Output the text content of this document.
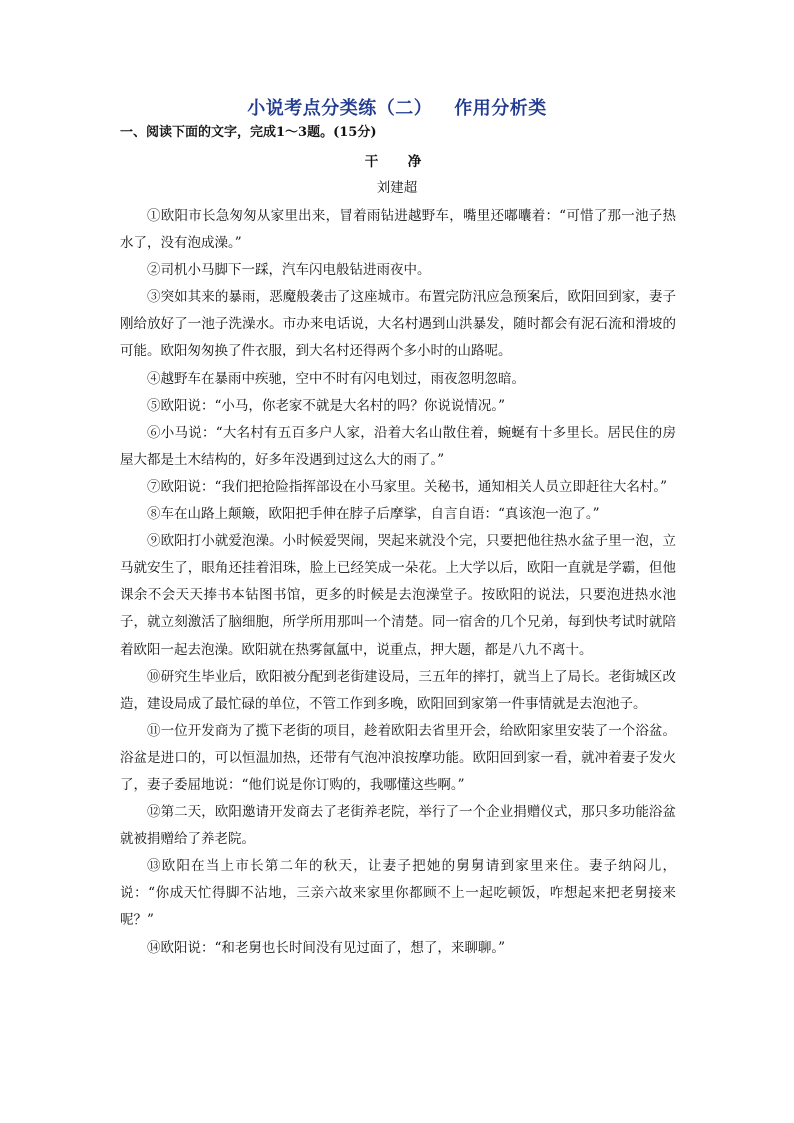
小说考点分类练（二） 作用分析类
一、阅读下面的文字，完成1～3题。(15分)
干　净
刘建超

①欧阳市长急匆匆从家里出来，冒着雨钻进越野车，嘴里还嘟囔着：“可惜了那一池子热水了，没有泡成澡。”

②司机小马脚下一踩，汽车闪电般钻进雨夜中。

③突如其来的暴雨，恶魔般袭击了这座城市。布置完防汛应急预案后，欧阳回到家，妻子刚给放好了一池子洗澡水。市办来电话说，大名村遇到山洪暴发，随时都会有泥石流和滑坡的可能。欧阳匆匆换了件衣服，到大名村还得两个多小时的山路呢。

④越野车在暴雨中疾驰，空中不时有闪电划过，雨夜忽明忽暗。

⑤欧阳说：“小马，你老家不就是大名村的吗？你说说情况。”

⑥小马说：“大名村有五百多户人家，沿着大名山散住着，蜿蜒有十多里长。居民住的房屋大都是土木结构的，好多年没遇到过这么大的雨了。”

⑦欧阳说：“我们把抢险指挥部设在小马家里。关秘书，通知相关人员立即赶往大名村。”

⑧车在山路上颠簸，欧阳把手伸在脖子后摩挲，自言自语：“真该泡一泡了。”

⑨欧阳打小就爱泡澡。小时候爱哭闹，哭起来就没个完，只要把他往热水盆子里一泡，立马就安生了，眼角还挂着泪珠，脸上已经笑成一朵花。上大学以后，欧阳一直就是学霸，但他课余不会天天捧书本钻图书馆，更多的时候是去泡澡堂子。按欧阳的说法，只要泡进热水池子，就立刻激活了脑细胞，所学所用那叫一个清楚。同一宿舍的几个兄弟，每到快考试时就陪着欧阳一起去泡澡。欧阳就在热雾氤氲中，说重点，押大题，都是八九不离十。

⑩研究生毕业后，欧阳被分配到老街建设局，三五年的摔打，就当上了局长。老街城区改造，建设局成了最忙碌的单位，不管工作到多晚，欧阳回到家第一件事情就是去泡池子。

⑪一位开发商为了揽下老街的项目，趁着欧阳去省里开会，给欧阳家里安装了一个浴盆。浴盆是进口的，可以恒温加热，还带有气泡冲浪按摩功能。欧阳回到家一看，就冲着妻子发火了，妻子委屈地说：“他们说是你订购的，我哪懂这些啊。”

⑫第二天，欧阳邀请开发商去了老街养老院，举行了一个企业捐赠仪式，那只多功能浴盆就被捐赠给了养老院。

⑬欧阳在当上市长第二年的秋天，让妻子把她的舅舅请到家里来住。妻子纳闷儿，说：“你成天忙得脚不沾地，三亲六故来家里你都顾不上一起吃顿饭，咋想起来把老舅接来呢？”

⑭欧阳说：“和老舅也长时间没有见过面了，想了，来聊聊。”
